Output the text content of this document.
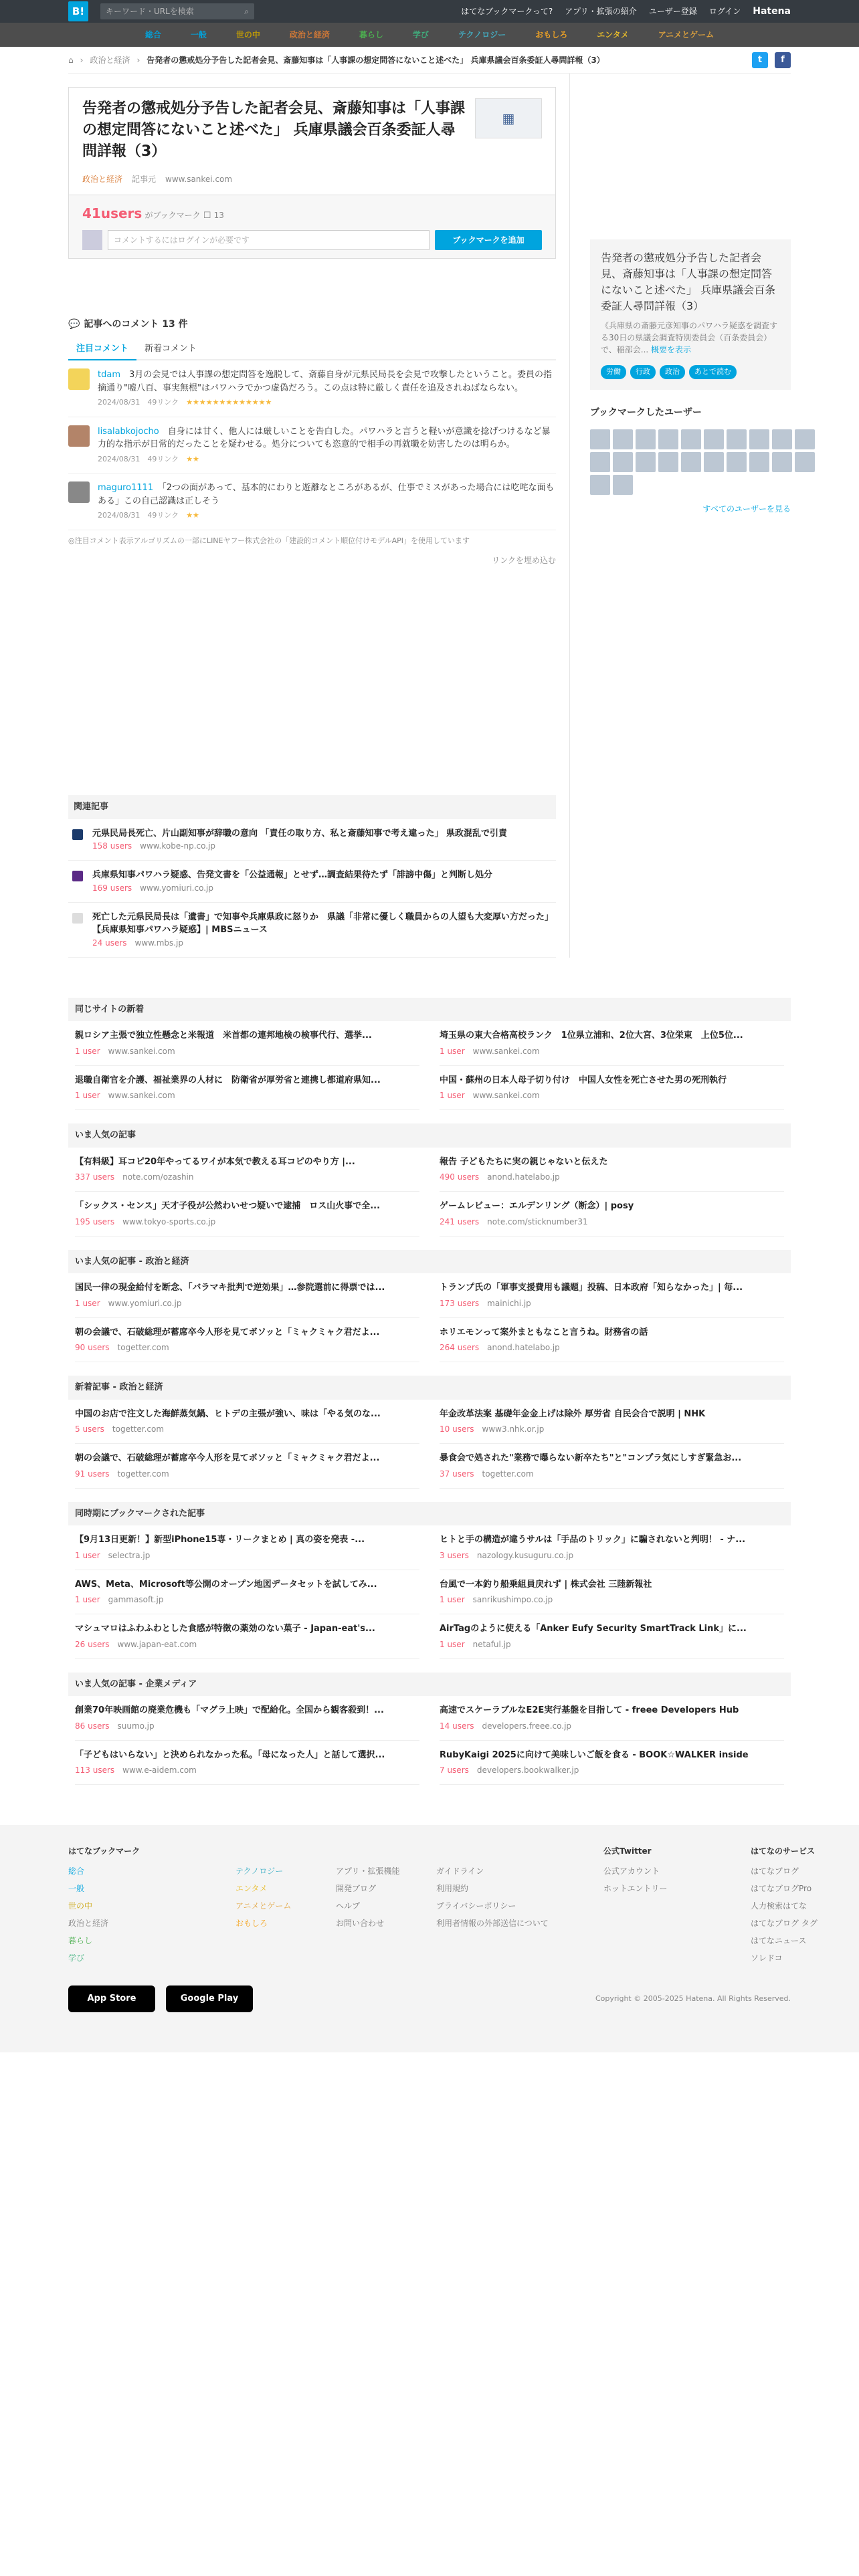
B!	キーワード・URLを検索	⌕	はてなブックマークって? アプリ・拡張の紹介 ユーザー登録 ログイン Hatena
総合	一般	世の中	政治と経済	暮らし	学び	テクノロジー	おもしろ	エンタメ	アニメとゲーム
⌂ › 政治と経済 › 告発者の懲戒処分予告した記者会見、斎藤知事は「人事課の想定問答にないこと述べた」 兵庫県議会百条委証人尋問詳報（3）	t	f
告発者の懲戒処分予告した記者会見、斎藤知事は「人事課の想定問答にないこと述べた」 兵庫県議会百条委証人尋問詳報（3）
▦
政治と経済 記事元 www.sankei.com
41users がブックマーク ☐ 13
コメントするにはログインが必要です	ブックマークを追加
💬 記事へのコメント 13 件
注目コメント	新着コメント
tdam　 3月の会見では人事課の想定問答を逸脱して、斎藤自身が元県民局長を会見で攻撃したということ。委員の指摘通り"嘘八百、事実無根"はパワハラでかつ虚偽だろう。この点は特に厳しく責任を追及されねばならない。
2024/08/31　49リンク　★★★★★★★★★★★★★
lisalabkojocho　 自身には甘く、他人には厳しいことを告白した。パワハラと言うと軽いが意識を捻げつけるなど暴力的な指示が日常的だったことを疑わせる。処分についても恣意的で相手の再就職を妨害したのは明らか。
2024/08/31　49リンク　★★
maguro1111　 「2つの面があって、基本的にわりと遊離なところがあるが、仕事でミスがあった場合には吃咤な面もある」この自己認識は正しそう
2024/08/31　49リンク　★★
◎注目コメント表示アルゴリズムの一部にLINEヤフー株式会社の「建設的コメント順位付けモデルAPI」を使用しています
リンクを埋め込む
関連記事
元県民局長死亡、片山副知事が辞職の意向 「責任の取り方、私と斎藤知事で考え違った」 県政混乱で引責
158 users　 www.kobe-np.co.jp
兵庫県知事パワハラ疑惑、告発文書を「公益通報」とせず…調査結果待たず「誹謗中傷」と判断し処分
169 users　 www.yomiuri.co.jp
死亡した元県民局長は「遺書」で知事や兵庫県政に怒りか　県議「非常に優しく職員からの人望も大変厚い方だった」【兵庫県知事パワハラ疑惑】| MBSニュース
24 users　 www.mbs.jp
告発者の懲戒処分予告した記者会見、斎藤知事は「人事課の想定問答にないこと述べた」 兵庫県議会百条委証人尋問詳報（3）

《兵庫県の斎藤元彦知事のパワハラ疑惑を調査する30日の県議会調査特別委員会（百条委員会）で、稲部会... 概要を表示

労働	行政	政治	あとで読む
ブックマークしたユーザー
すべてのユーザーを見る
同じサイトの新着
親ロシア主張で独立性懸念と米報道　米首都の連邦地検の検事代行、選挙...
1 user　 www.sankei.com
埼玉県の東大合格高校ランク　1位県立浦和、2位大宮、3位栄東　上位5位...
1 user　 www.sankei.com
退職自衛官を介護、福祉業界の人材に　防衛省が厚労省と連携し都道府県知...
1 user　 www.sankei.com
中国・蘇州の日本人母子切り付け　中国人女性を死亡させた男の死刑執行
1 user　 www.sankei.com
いま人気の記事
【有料級】耳コピ20年やってるワイが本気で教える耳コピのやり方 |...
337 users　 note.com/ozashin
報告 子どもたちに実の親じゃないと伝えた
490 users　 anond.hatelabo.jp
「シックス・センス」天才子役が公然わいせつ疑いで逮捕　ロス山火事で全...
195 users　 www.tokyo-sports.co.jp
ゲームレビュー：エルデンリング（断念）| posy
241 users　 note.com/sticknumber31
いま人気の記事 - 政治と経済
国民一律の現金給付を断念、「バラマキ批判で逆効果」…参院選前に得票では...
1 user　 www.yomiuri.co.jp
トランプ氏の「軍事支援費用も議題」投稿、日本政府「知らなかった」| 毎...
173 users　 mainichi.jp
朝の会議で、石破総理が蓄席卒今人形を見てボソッと「ミャクミャク君だよ...
90 users　 togetter.com
ホリエモンって案外まともなこと言うね。財務省の話
264 users　 anond.hatelabo.jp
新着記事 - 政治と経済
中国のお店で注文した海鮮蒸気鍋、ヒトデの主張が強い、味は「やる気のな...
5 users　 togetter.com
年金改革法案 基礎年金金上げは除外 厚労省 自民会合で説明 | NHK
10 users　 www3.nhk.or.jp
朝の会議で、石破総理が蓄席卒今人形を見てボソッと「ミャクミャク君だよ...
91 users　 togetter.com
暴食会で処された"業務で曝らない新卒たち"と"コンプラ気にしすぎ緊急お...
37 users　 togetter.com
同時期にブックマークされた記事
【9月13日更新！】新型iPhone15専・リークまとめ | 真の姿を発表 -...
1 user　 selectra.jp
ヒトと手の構造が違うサルは「手品のトリック」に騙されないと判明！ - ナ...
3 users　 nazology.kusuguru.co.jp
AWS、Meta、Microsoft等公開のオープン地図データセットを試してみ...
1 user　 gammasoft.jp
台風で一本釣り船乗組員戻れず | 株式会社 三陸新報社
1 user　 sanrikushimpo.co.jp
マシュマロはふわふわとした食感が特徴の薬効のない菓子 - Japan-eat's...
26 users　 www.japan-eat.com
AirTagのように使える「Anker Eufy Security SmartTrack Link」に...
1 user　 netaful.jp
いま人気の記事 - 企業メディア
創業70年映画館の廃業危機も「マグラ上映」で配給化。全国から観客殺到！...
86 users　 suumo.jp
高速でスケーラブルなE2E実行基盤を目指して - freee Developers Hub
14 users　 developers.freee.co.jp
「子どもはいらない」と決められなかった私。「母になった人」と話して選択...
113 users　 www.e-aidem.com
RubyKaigi 2025に向けて美味しいご飯を食る - BOOK☆WALKER inside
7 users　 developers.bookwalker.jp
はてなブックマーク

総合

一般

世の中

政治と経済

暮らし

学び

テクノロジー

エンタメ

アニメとゲーム

おもしろ

アプリ・拡張機能

開発ブログ

ヘルプ

お問い合わせ

ガイドライン

利用規約

プライバシーポリシー

利用者情報の外部送信について

公式Twitter

公式アカウント

ホットエントリー

はてなのサービス

はてなブログ

はてなブログPro

人力検索はてな

はてなブログ タグ

はてなニュース

ソレドコ

App Store	Google Play	Copyright © 2005-2025 Hatena. All Rights Reserved.
